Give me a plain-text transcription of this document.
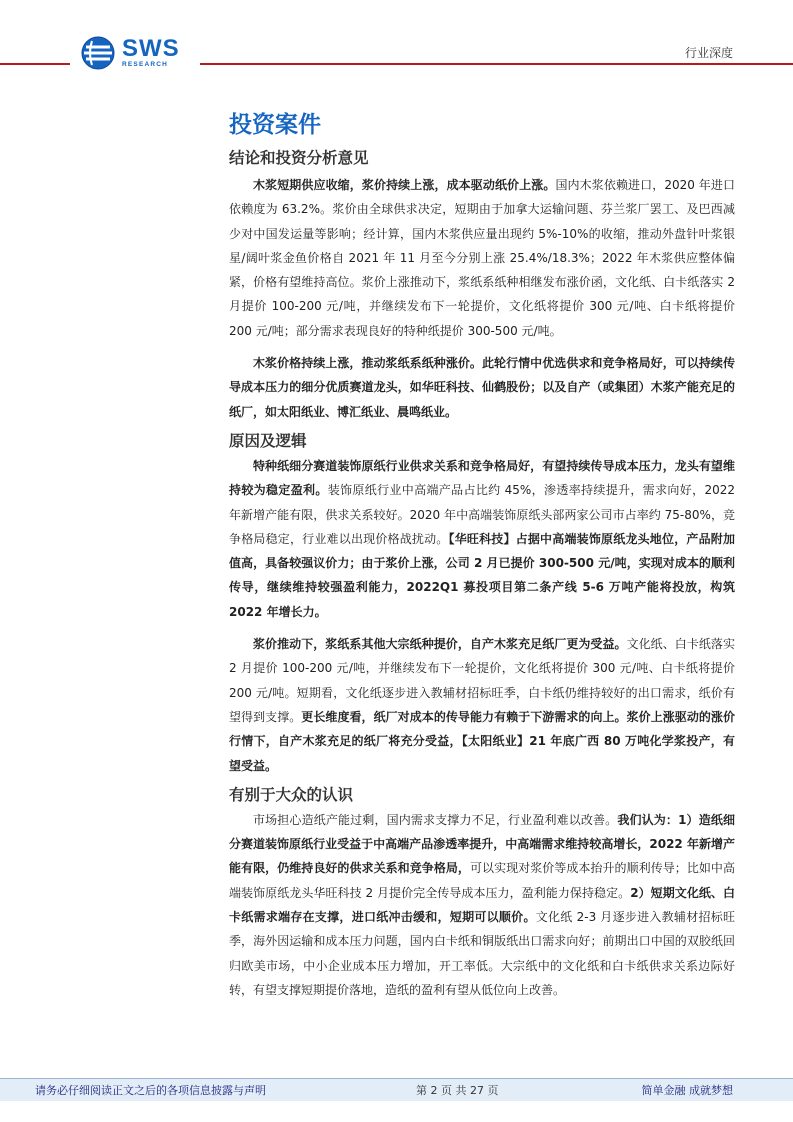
SWS
RESEARCH
行业深度
投资案件
结论和投资分析意见

木浆短期供应收缩，浆价持续上涨，成本驱动纸价上涨。国内木浆依赖进口，2020 年进口依赖度为 63.2%。浆价由全球供求决定，短期由于加拿大运输问题、芬兰浆厂罢工、及巴西减少对中国发运量等影响；经计算，国内木浆供应量出现约 5%-10%的收缩，推动外盘针叶浆银星/阔叶浆金鱼价格自 2021 年 11 月至今分别上涨 25.4%/18.3%；2022 年木浆供应整体偏紧，价格有望维持高位。浆价上涨推动下，浆纸系纸种相继发布涨价函，文化纸、白卡纸落实 2 月提价 100-200 元/吨，并继续发布下一轮提价，文化纸将提价 300 元/吨、白卡纸将提价 200 元/吨；部分需求表现良好的特种纸提价 300-500 元/吨。

木浆价格持续上涨，推动浆纸系纸种涨价。此轮行情中优选供求和竞争格局好，可以持续传导成本压力的细分优质赛道龙头，如华旺科技、仙鹤股份；以及自产（或集团）木浆产能充足的纸厂，如太阳纸业、博汇纸业、晨鸣纸业。

原因及逻辑

特种纸细分赛道装饰原纸行业供求关系和竞争格局好，有望持续传导成本压力，龙头有望维持较为稳定盈利。装饰原纸行业中高端产品占比约 45%，渗透率持续提升，需求向好，2022 年新增产能有限，供求关系较好。2020 年中高端装饰原纸头部两家公司市占率约 75-80%，竞争格局稳定，行业难以出现价格战扰动。【华旺科技】占据中高端装饰原纸龙头地位，产品附加值高，具备较强议价力；由于浆价上涨，公司 2 月已提价 300-500 元/吨，实现对成本的顺利传导，继续维持较强盈利能力，2022Q1 募投项目第二条产线 5-6 万吨产能将投放，构筑 2022 年增长力。

浆价推动下，浆纸系其他大宗纸种提价，自产木浆充足纸厂更为受益。文化纸、白卡纸落实 2 月提价 100-200 元/吨，并继续发布下一轮提价，文化纸将提价 300 元/吨、白卡纸将提价 200 元/吨。短期看，文化纸逐步进入教辅材招标旺季，白卡纸仍维持较好的出口需求，纸价有望得到支撑。更长维度看，纸厂对成本的传导能力有赖于下游需求的向上。浆价上涨驱动的涨价行情下，自产木浆充足的纸厂将充分受益，【太阳纸业】21 年底广西 80 万吨化学浆投产，有望受益。

有别于大众的认识

市场担心造纸产能过剩，国内需求支撑力不足，行业盈利难以改善。我们认为：1）造纸细分赛道装饰原纸行业受益于中高端产品渗透率提升，中高端需求维持较高增长，2022 年新增产能有限，仍维持良好的供求关系和竞争格局，可以实现对浆价等成本抬升的顺利传导；比如中高端装饰原纸龙头华旺科技 2 月提价完全传导成本压力，盈利能力保持稳定。2）短期文化纸、白卡纸需求端存在支撑，进口纸冲击缓和，短期可以顺价。文化纸 2-3 月逐步进入教辅材招标旺季，海外因运输和成本压力问题，国内白卡纸和铜版纸出口需求向好；前期出口中国的双胶纸回归欧美市场，中小企业成本压力增加，开工率低。大宗纸中的文化纸和白卡纸供求关系边际好转，有望支撑短期提价落地，造纸的盈利有望从低位向上改善。

请务必仔细阅读正文之后的各项信息披露与声明	第 2 页 共 27 页	简单金融 成就梦想
